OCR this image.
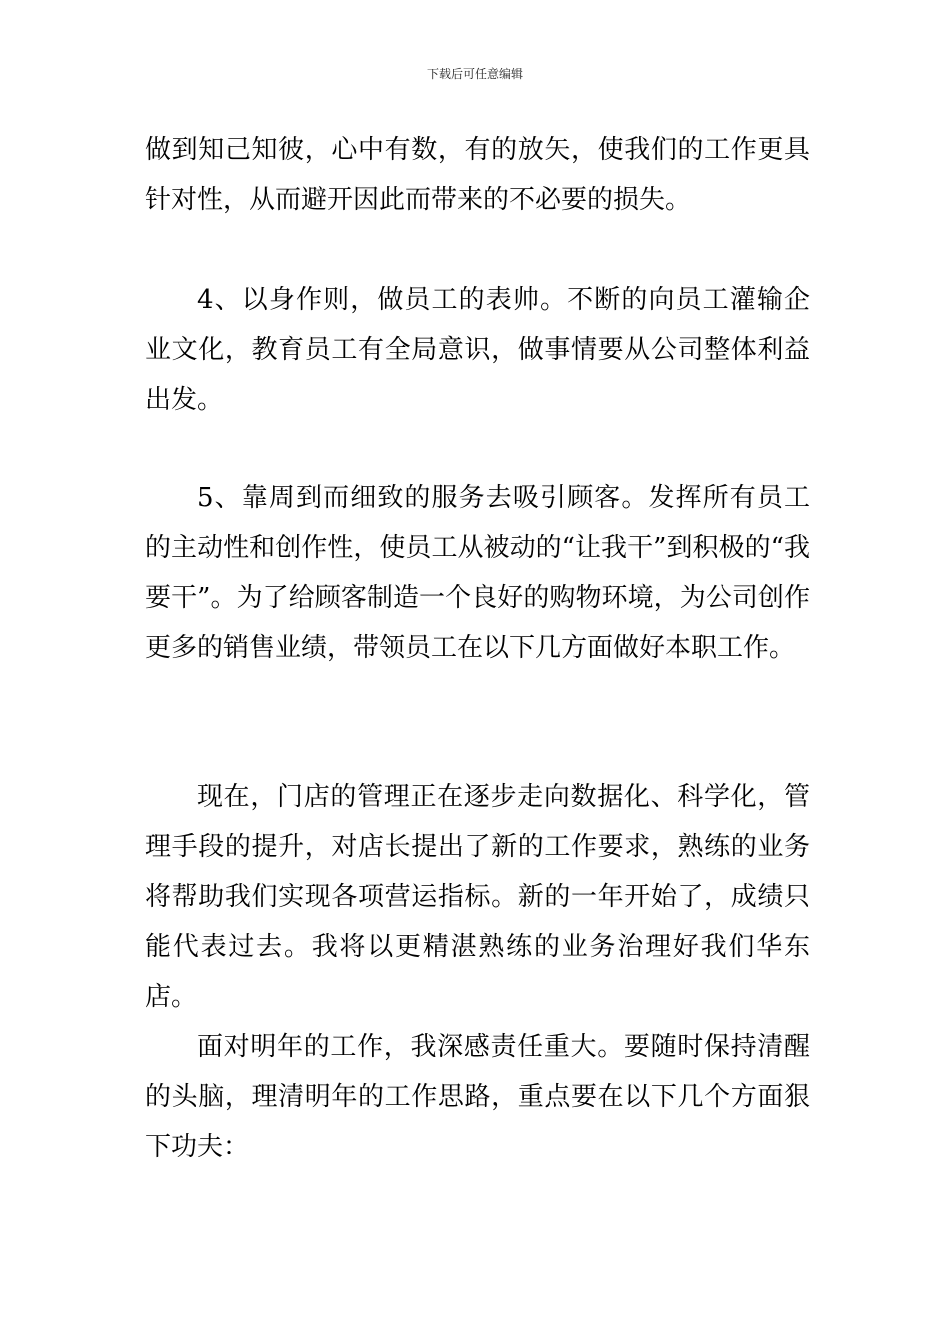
下载后可任意编辑

做到知己知彼，心中有数，有的放矢，使我们的工作更具针对性，从而避开因此而带来的不必要的损失。

4、以身作则，做员工的表帅。不断的向员工灌输企业文化，教育员工有全局意识，做事情要从公司整体利益出发。

5、靠周到而细致的服务去吸引顾客。发挥所有员工的主动性和创作性，使员工从被动的“让我干”到积极的“我要干”。为了给顾客制造一个良好的购物环境，为公司创作更多的销售业绩，带领员工在以下几方面做好本职工作。

现在，门店的管理正在逐步走向数据化、科学化，管理手段的提升，对店长提出了新的工作要求，熟练的业务将帮助我们实现各项营运指标。新的一年开始了，成绩只能代表过去。我将以更精湛熟练的业务治理好我们华东店。

面对明年的工作，我深感责任重大。要随时保持清醒的头脑，理清明年的工作思路，重点要在以下几个方面狠下功夫：
